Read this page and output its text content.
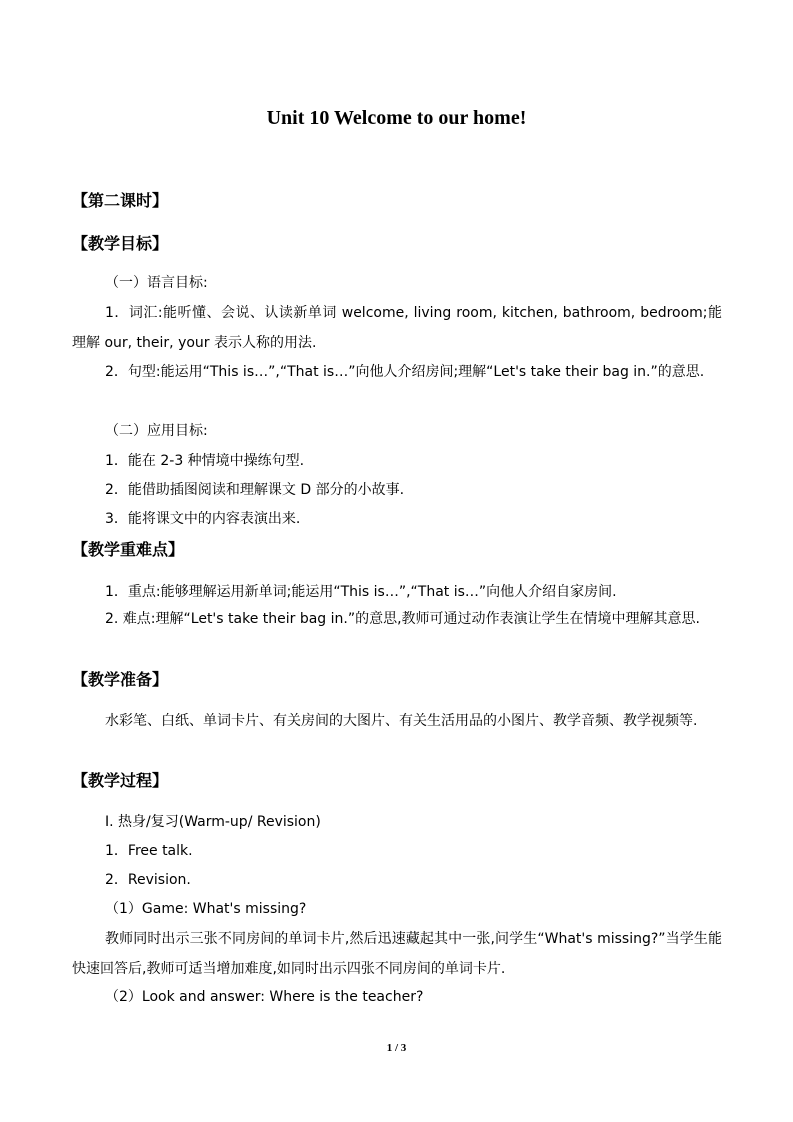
Unit 10 Welcome to our home!
【第二课时】
【教学目标】
（一）语言目标:
1．词汇:能听懂、会说、认读新单词 welcome, living room, kitchen, bathroom, bedroom;能理解 our, their, your 表示人称的用法.
2．句型:能运用“This is…”,“That is…”向他人介绍房间;理解“Let's take their bag in.”的意思.
（二）应用目标:
1．能在 2-3 种情境中操练句型.
2．能借助插图阅读和理解课文 D 部分的小故事.
3．能将课文中的内容表演出来.
【教学重难点】
1．重点:能够理解运用新单词;能运用“This is…”,“That is…”向他人介绍自家房间.
2. 难点:理解“Let's take their bag in.”的意思,教师可通过动作表演让学生在情境中理解其意思.
【教学准备】
水彩笔、白纸、单词卡片、有关房间的大图片、有关生活用品的小图片、教学音频、教学视频等.
【教学过程】
I. 热身/复习(Warm-up/ Revision)
1．Free talk.
2．Revision.
（1）Game: What's missing?
教师同时出示三张不同房间的单词卡片,然后迅速藏起其中一张,问学生“What's missing?”当学生能快速回答后,教师可适当增加难度,如同时出示四张不同房间的单词卡片.
（2）Look and answer: Where is the teacher?
1 / 3
